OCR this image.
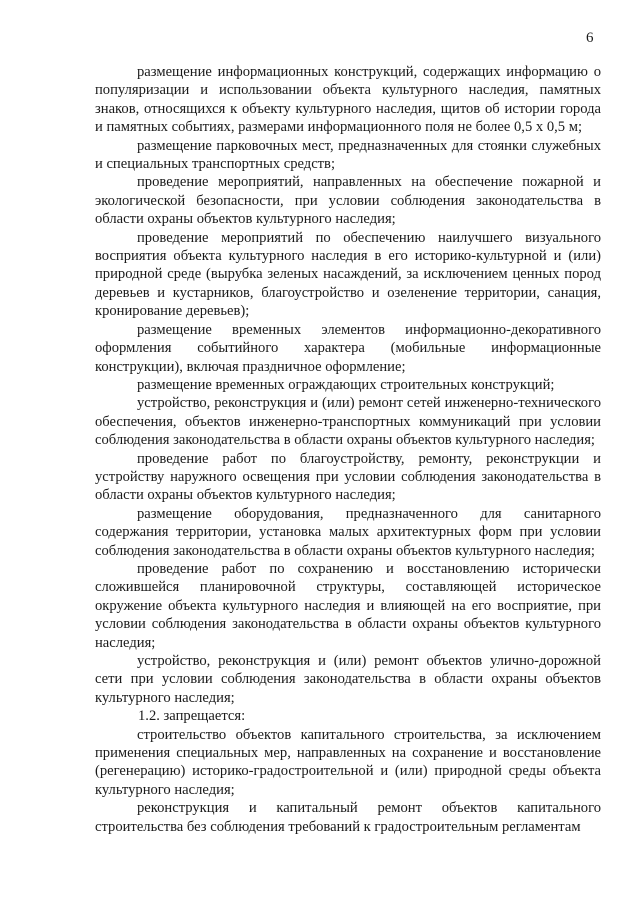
6

размещение информационных конструкций, содержащих информацию о популяризации и использовании объекта культурного наследия, памятных знаков, относящихся к объекту культурного наследия, щитов об истории города и памятных событиях, размерами информационного поля не более 0,5 х 0,5 м;

размещение парковочных мест, предназначенных для стоянки служебных и специальных транспортных средств;

проведение мероприятий, направленных на обеспечение пожарной и экологической безопасности, при условии соблюдения законодательства в области охраны объектов культурного наследия;

проведение мероприятий по обеспечению наилучшего визуального восприятия объекта культурного наследия в его историко-культурной и (или) природной среде (вырубка зеленых насаждений, за исключением ценных пород деревьев и кустарников, благоустройство и озеленение территории, санация, кронирование деревьев);

размещение временных элементов информационно-декоративного оформления событийного характера (мобильные информационные конструкции), включая праздничное оформление;

размещение временных ограждающих строительных конструкций;

устройство, реконструкция и (или) ремонт сетей инженерно-технического обеспечения, объектов инженерно-транспортных коммуникаций при условии соблюдения законодательства в области охраны объектов культурного наследия;

проведение работ по благоустройству, ремонту, реконструкции и устройству наружного освещения при условии соблюдения законодательства в области охраны объектов культурного наследия;

размещение оборудования, предназначенного для санитарного содержания территории, установка малых архитектурных форм при условии соблюдения законодательства в области охраны объектов культурного наследия;

проведение работ по сохранению и восстановлению исторически сложившейся планировочной структуры, составляющей историческое окружение объекта культурного наследия и влияющей на его восприятие, при условии соблюдения законодательства в области охраны объектов культурного наследия;

устройство, реконструкция и (или) ремонт объектов улично-дорожной сети при условии соблюдения законодательства в области охраны объектов культурного наследия;

1.2. запрещается:

строительство объектов капитального строительства, за исключением применения специальных мер, направленных на сохранение и восстановление (регенерацию) историко-градостроительной и (или) природной среды объекта культурного наследия;

реконструкция и капитальный ремонт объектов капитального строительства без соблюдения требований к градостроительным регламентам
